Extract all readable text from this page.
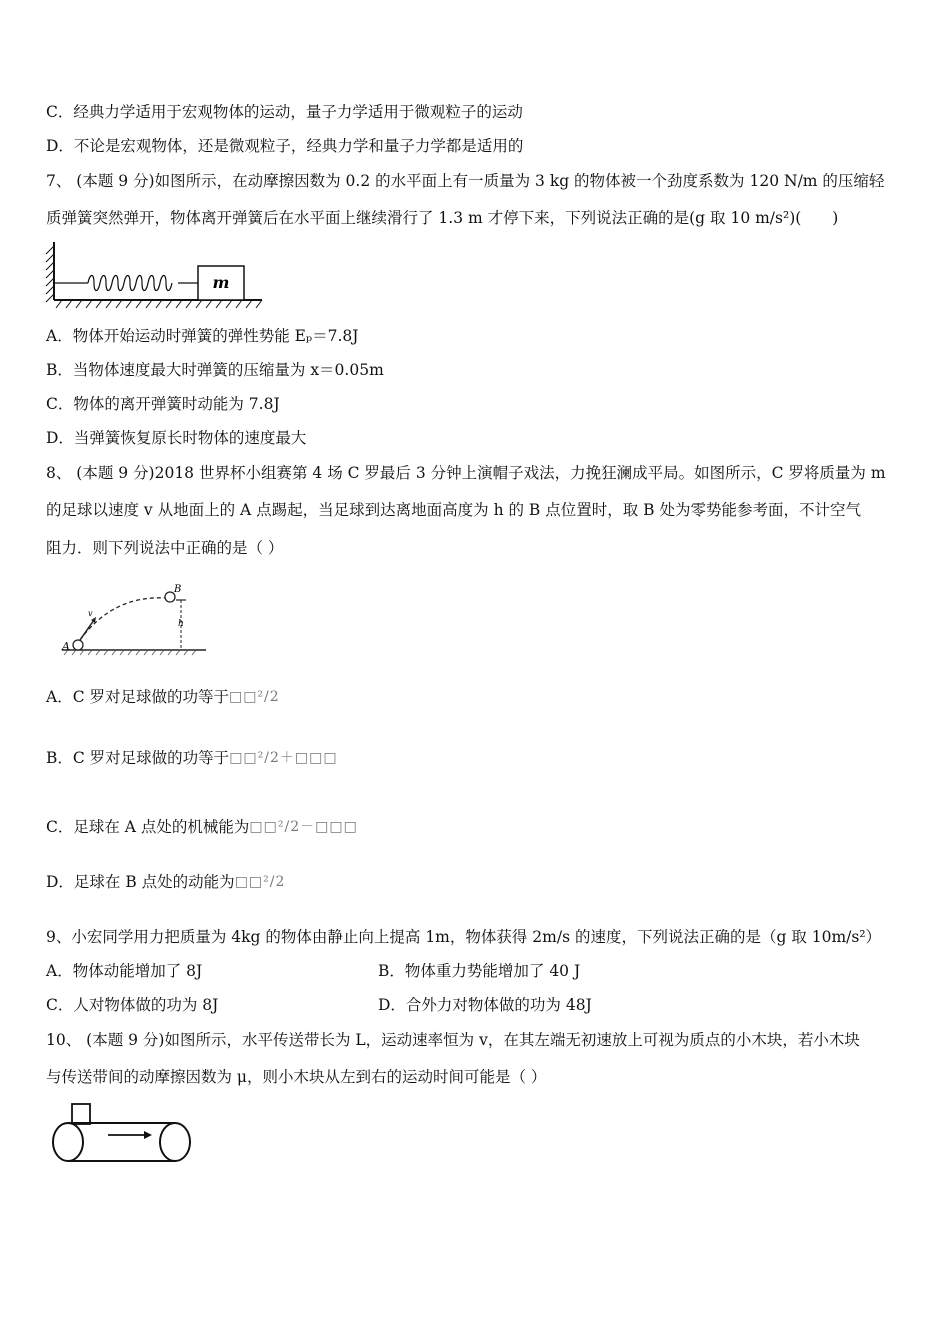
C．经典力学适用于宏观物体的运动，量子力学适用于微观粒子的运动
D．不论是宏观物体，还是微观粒子，经典力学和量子力学都是适用的
7、 (本题 9 分)如图所示，在动摩擦因数为 0.2 的水平面上有一质量为 3 kg 的物体被一个劲度系数为 120 N/m 的压缩轻
质弹簧突然弹开，物体离开弹簧后在水平面上继续滑行了 1.3 m 才停下来，下列说法正确的是(g 取 10 m/s²)(　　)
m
A．物体开始运动时弹簧的弹性势能 Eₚ＝7.8J
B．当物体速度最大时弹簧的压缩量为 x＝0.05m
C．物体的离开弹簧时动能为 7.8J
D．当弹簧恢复原长时物体的速度最大
8、 (本题 9 分)2018 世界杯小组赛第 4 场 C 罗最后 3 分钟上演帽子戏法，力挽狂澜成平局。如图所示，C 罗将质量为 m
的足球以速度 v 从地面上的 A 点踢起，当足球到达离地面高度为 h 的 B 点位置时，取 B 处为零势能参考面，不计空气
阻力．则下列说法中正确的是（ ）
A
v
B
h
A．C 罗对足球做的功等于□□²/2
B．C 罗对足球做的功等于□□²/2＋□□□
C．足球在 A 点处的机械能为□□²/2－□□□
D．足球在 B 点处的动能为□□²/2
9、小宏同学用力把质量为 4kg 的物体由静止向上提高 1m，物体获得 2m/s 的速度，下列说法正确的是（g 取 10m/s²）
A．物体动能增加了 8J	B．物体重力势能增加了 40 J
C．人对物体做的功为 8J	D．合外力对物体做的功为 48J
10、 (本题 9 分)如图所示，水平传送带长为 L，运动速率恒为 v，在其左端无初速放上可视为质点的小木块，若小木块
与传送带间的动摩擦因数为 μ，则小木块从左到右的运动时间可能是（ ）
